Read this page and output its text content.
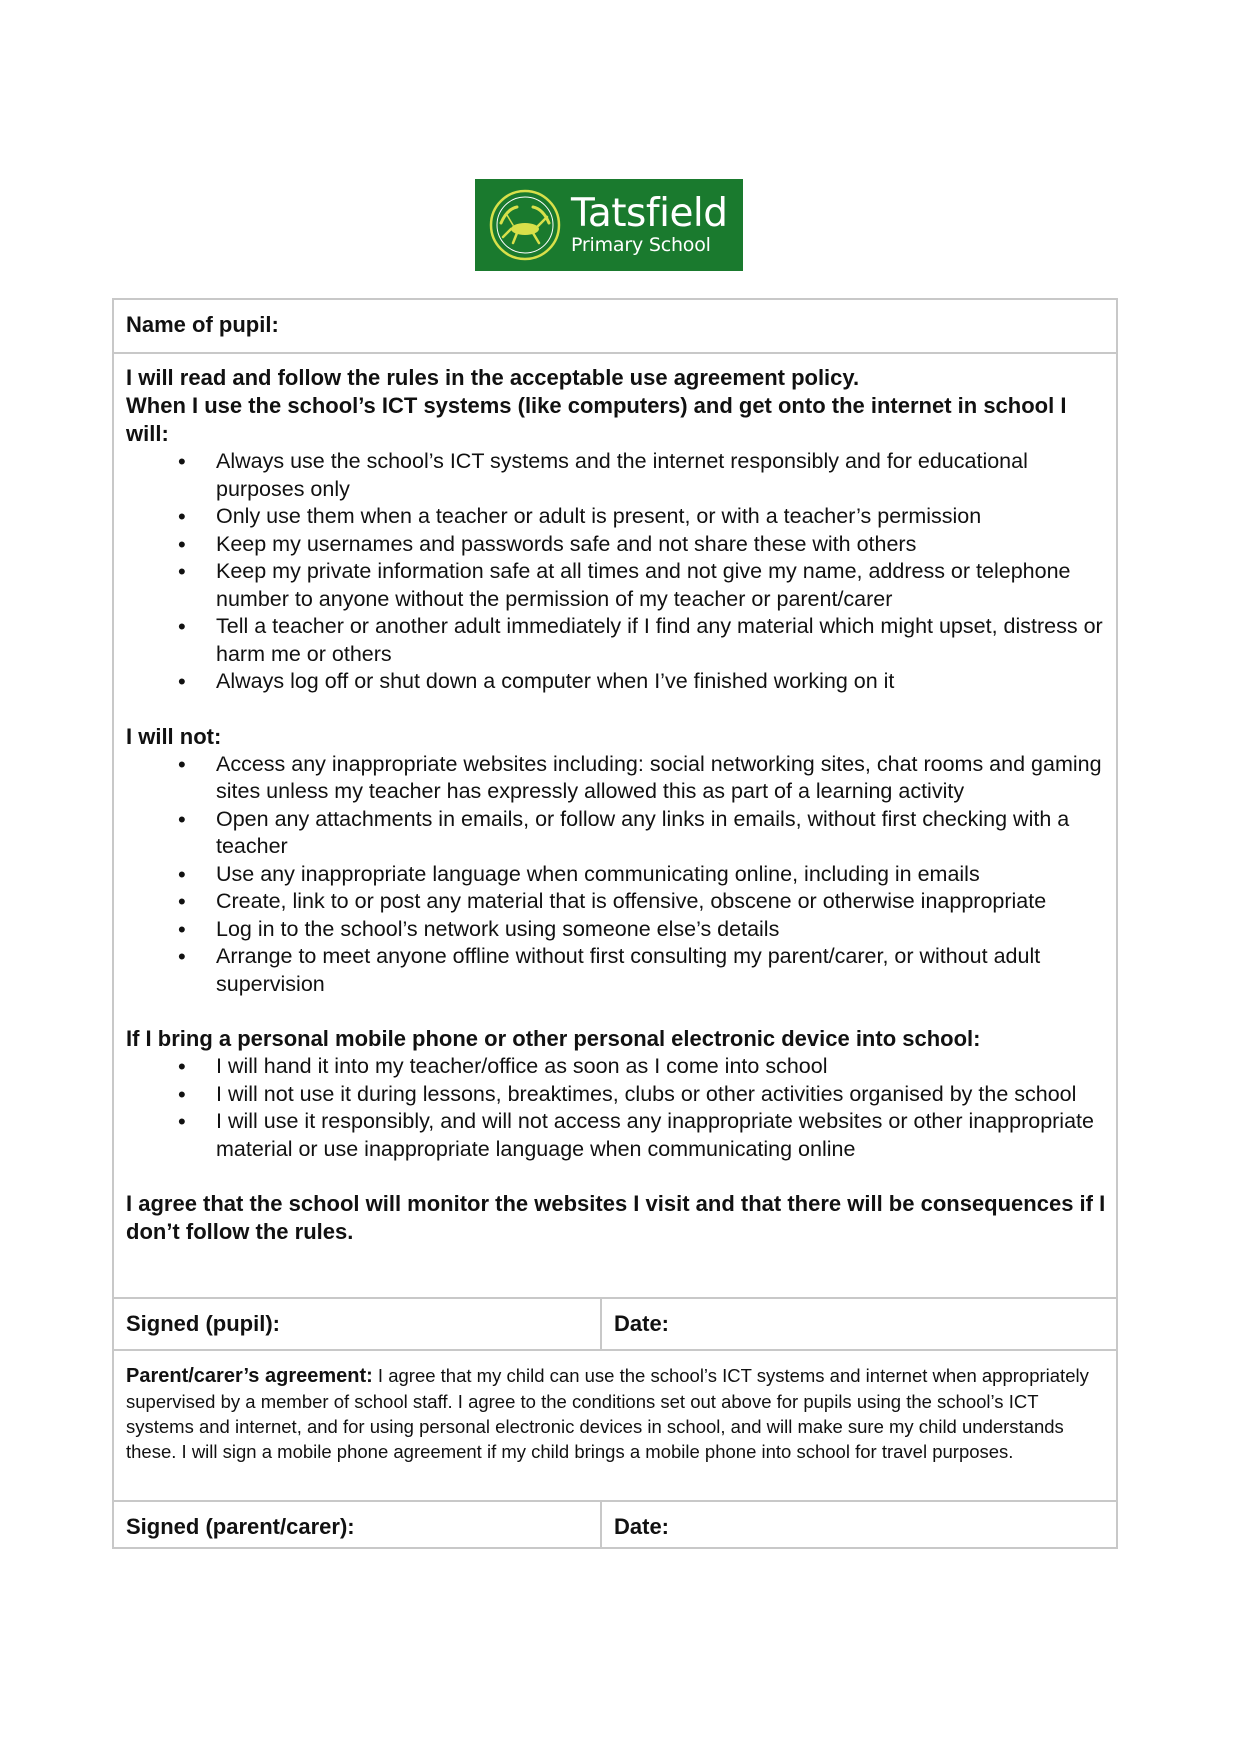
Tatsfield
Primary School
Name of pupil:
I will read and follow the rules in the acceptable use agreement policy.
When I use the school’s ICT systems (like computers) and get onto the internet in school I will:
• Always use the school’s ICT systems and the internet responsibly and for educational purposes only
• Only use them when a teacher or adult is present, or with a teacher’s permission
• Keep my usernames and passwords safe and not share these with others
• Keep my private information safe at all times and not give my name, address or telephone number to anyone without the permission of my teacher or parent/carer
• Tell a teacher or another adult immediately if I find any material which might upset, distress or harm me or others
• Always log off or shut down a computer when I’ve finished working on it
I will not:
• Access any inappropriate websites including: social networking sites, chat rooms and gaming sites unless my teacher has expressly allowed this as part of a learning activity
• Open any attachments in emails, or follow any links in emails, without first checking with a teacher
• Use any inappropriate language when communicating online, including in emails
• Create, link to or post any material that is offensive, obscene or otherwise inappropriate
• Log in to the school’s network using someone else’s details
• Arrange to meet anyone offline without first consulting my parent/carer, or without adult supervision
If I bring a personal mobile phone or other personal electronic device into school:
• I will hand it into my teacher/office as soon as I come into school
• I will not use it during lessons, breaktimes, clubs or other activities organised by the school
• I will use it responsibly, and will not access any inappropriate websites or other inappropriate material or use inappropriate language when communicating online
I agree that the school will monitor the websites I visit and that there will be consequences if I don’t follow the rules.
Signed (pupil):	Date:
Parent/carer’s agreement: I agree that my child can use the school’s ICT systems and internet when appropriately supervised by a member of school staff. I agree to the conditions set out above for pupils using the school’s ICT systems and internet, and for using personal electronic devices in school, and will make sure my child understands these. I will sign a mobile phone agreement if my child brings a mobile phone into school for travel purposes.
Signed (parent/carer):	Date:
